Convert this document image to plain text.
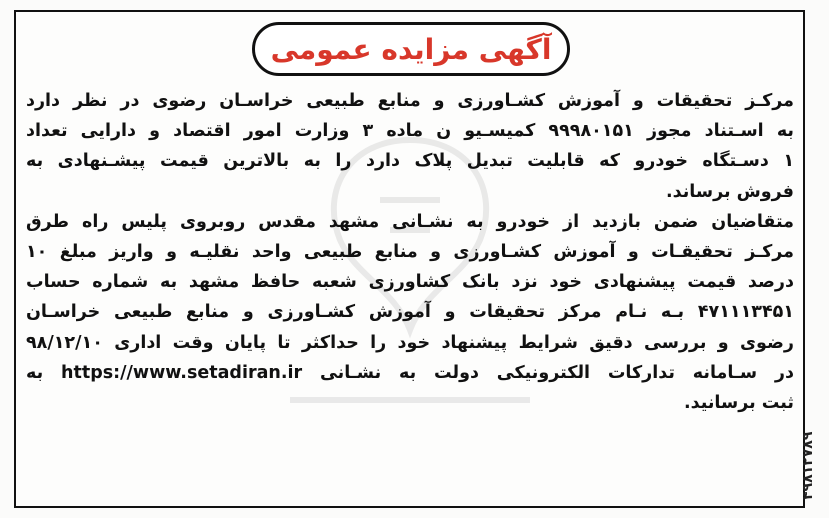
آگهی مزایده عمومی
مرکـز تحقیقات و آموزش کشـاورزی و منابع طبیعی خراسـان رضوی در نظر دارد
به اسـتناد مجوز ۹۹۹۸۰۱۵۱ کمیسـیو ن ماده ۳ وزارت امور اقتصاد و دارایی تعداد
۱ دسـتگاه خودرو که قابلیت تبدیل پلاک دارد را به بالاترین قیمت پیشـنهادی به
فروش برساند.
متقاضیان ضمن بازدید از خودرو به نشـانی مشهد مقدس روبروی پلیس راه طرق
مرکـز تحقیقـات و آموزش کشـاورزی و منابع طبیعی واحد نقلیـه و واریز مبلغ ۱۰
درصد قیمت پیشنهادی خود نزد بانک کشاورزی شعبه حافظ مشهد به شماره حساب
۴۷۱۱۱۳۴۵۱ بـه نـام مرکز تحقیقات و آموزش کشـاورزی و منابع طبیعی خراسـان
رضوی و بررسی دقیق شرایط پیشنهاد خود را حداکثر تا پایان وقت اداری ۹۸/۱۲/۱۰
در سـامانه تدارکات الکترونیکی دولت به نشـانی https://www.setadiran.ir به
ثبت برسانید.
۴۹۸۱۲۷۸۹
